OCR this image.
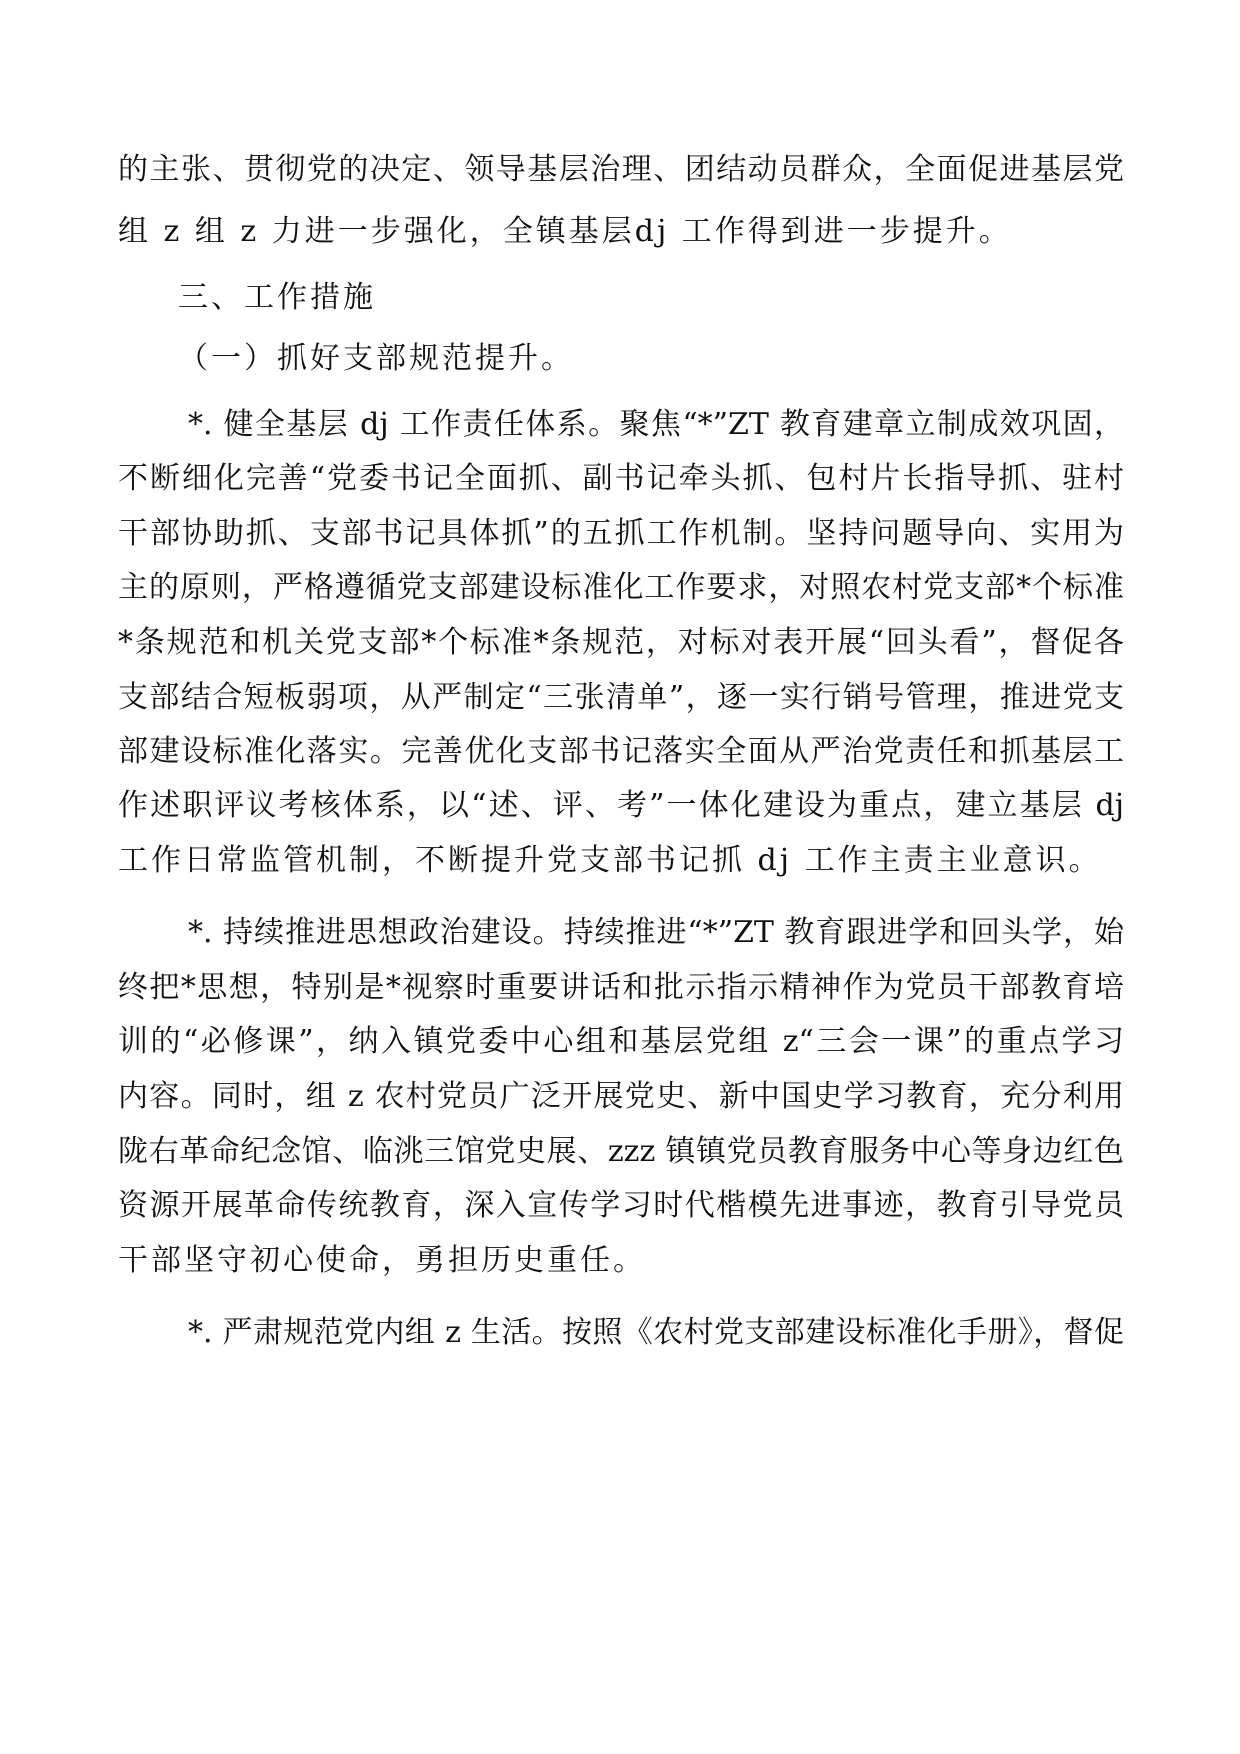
的主张、贯彻党的决定、领导基层治理、团结动员群众，全面促进基层党
组 z 组 z 力进一步强化，全镇基层dj 工作得到进一步提升。
三、工作措施
（一）抓好支部规范提升。
*. 健全基层 dj 工作责任体系。聚焦“*”ZT 教育建章立制成效巩固，
不断细化完善“党委书记全面抓、副书记牵头抓、包村片长指导抓、驻村
干部协助抓、支部书记具体抓”的五抓工作机制。坚持问题导向、实用为
主的原则，严格遵循党支部建设标准化工作要求，对照农村党支部*个标准
*条规范和机关党支部*个标准*条规范，对标对表开展“回头看”，督促各
支部结合短板弱项，从严制定“三张清单”，逐一实行销号管理，推进党支
部建设标准化落实。完善优化支部书记落实全面从严治党责任和抓基层工
作述职评议考核体系，以“述、评、考”一体化建设为重点，建立基层 dj
工作日常监管机制，不断提升党支部书记抓 dj 工作主责主业意识。
*. 持续推进思想政治建设。持续推进“*”ZT 教育跟进学和回头学，始
终把*思想，特别是*视察时重要讲话和批示指示精神作为党员干部教育培
训的“必修课”，纳入镇党委中心组和基层党组 z“三会一课”的重点学习
内容。同时，组 z 农村党员广泛开展党史、新中国史学习教育，充分利用
陇右革命纪念馆、临洮三馆党史展、zzz 镇镇党员教育服务中心等身边红色
资源开展革命传统教育，深入宣传学习时代楷模先进事迹，教育引导党员
干部坚守初心使命，勇担历史重任。
*. 严肃规范党内组 z 生活。按照《农村党支部建设标准化手册》，督促
